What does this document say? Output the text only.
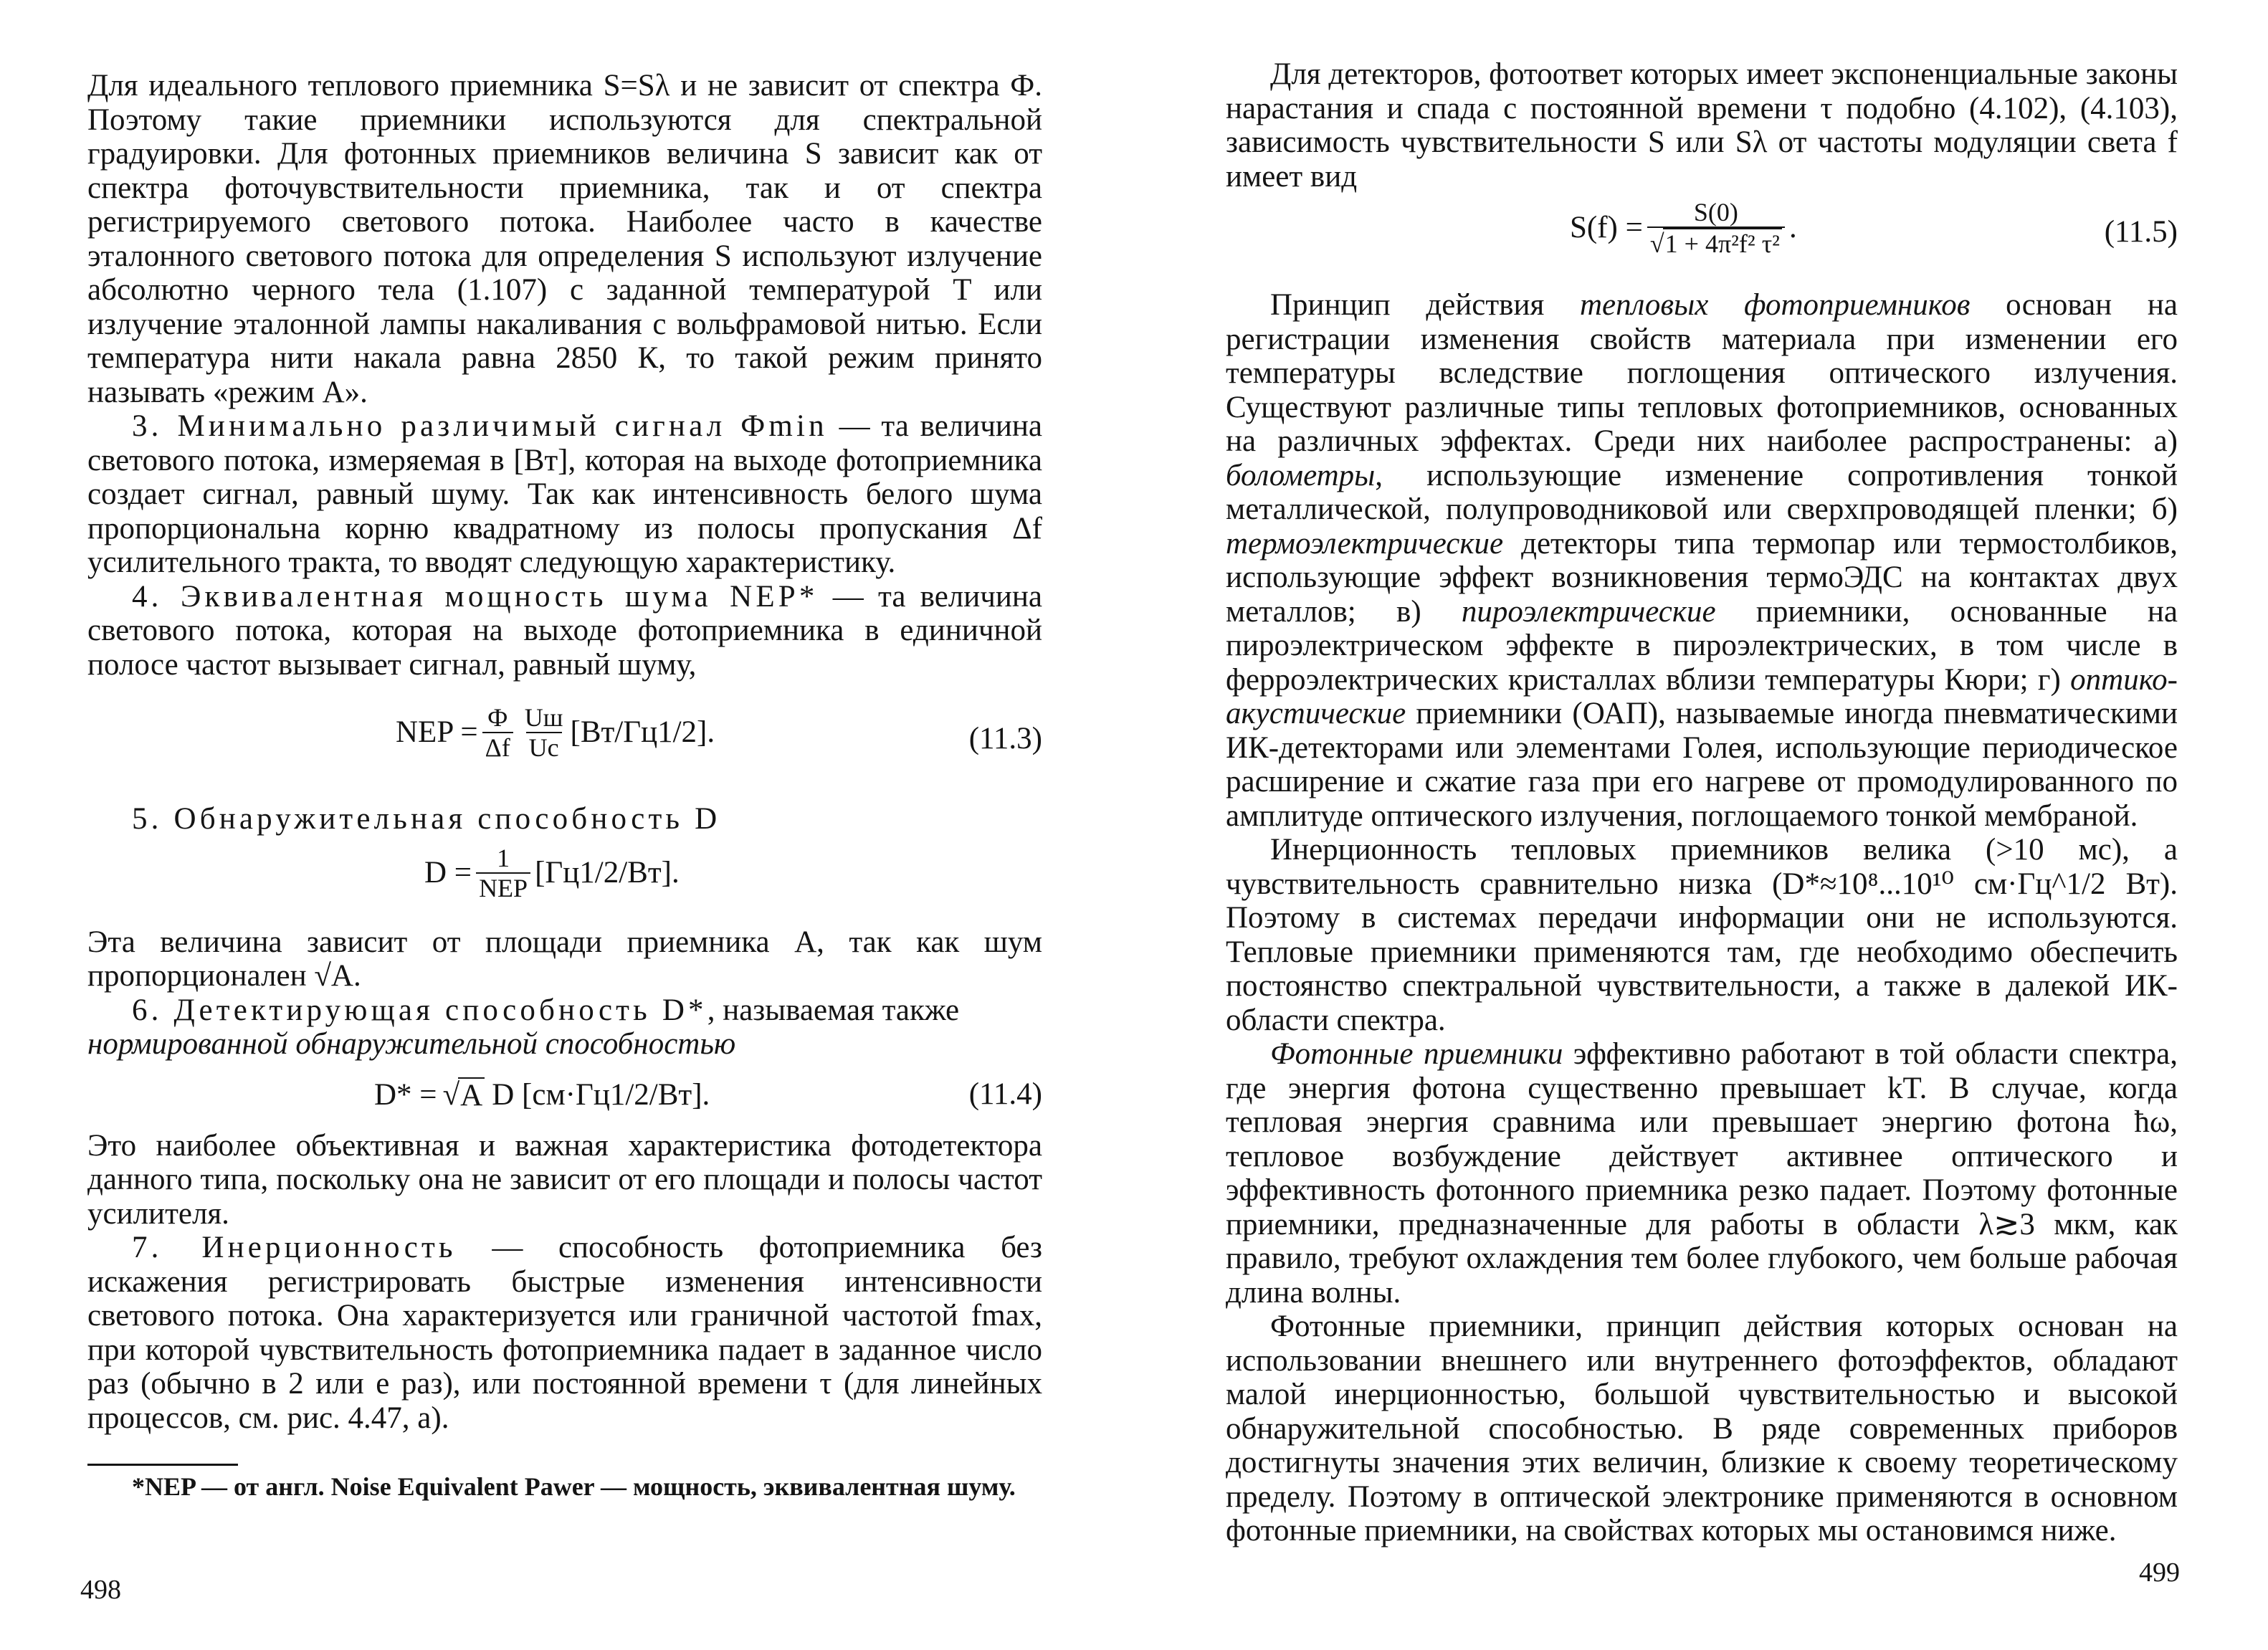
Для идеального теплового приемника S=Sλ и не зависит от спектра Ф. Поэтому такие приемники используются для спектральной градуировки. Для фотонных приемников величина S зависит как от спектра фоточувствительности приемника, так и от спектра регистрируемого светового потока. Наиболее часто в качестве эталонного светового потока для определения S используют излучение абсолютно черного тела (1.107) с заданной температурой T или излучение эталонной лампы накаливания с вольфрамовой нитью. Если температура нити накала равна 2850 К, то такой режим принято называть «режим А».

3. Минимально различимый сигнал Фmin — та величина светового потока, измеряемая в [Вт], которая на выходе фотоприемника создает сигнал, равный шуму. Так как интенсивность белого шума пропорциональна корню квадратному из полосы пропускания Δf усилительного тракта, то вводят следующую характеристику.

4. Эквивалентная мощность шума NEP* — та величина светового потока, которая на выходе фотоприемника в единичной полосе частот вызывает сигнал, равный шуму,

NEP = $\frac{Ф}{\Delta f} \frac{Uш}{Uc} [Вт/Гц1/2]$.	(11.3)

5. Обнаружительная способность D

$D = \frac{1}{\text{NEP}} [Гц1/2/Вт]$.

Эта величина зависит от площади приемника A, так как шум пропорционален √A.

6. Детектирующая способность D*, называемая также

нормированной обнаружительной способностью

D* = √ A D [см·Гц1/2/Вт].	(11.4)

Это наиболее объективная и важная характеристика фотодетектора данного типа, поскольку она не зависит от его площади и полосы частот усилителя.

7. Инерционность — способность фотоприемника без искажения регистрировать быстрые изменения интенсивности светового потока. Она характеризуется или граничной частотой fmax, при которой чувствительность фотоприемника падает в заданное число раз (обычно в 2 или e раз), или постоянной времени τ (для линейных процессов, см. рис. 4.47, а).

*NEP — от англ. Noise Equivalent Pawer — мощность, эквивалентная шуму.

498

Для детекторов, фотоответ которых имеет экспоненциальные законы нарастания и спада с постоянной времени τ подобно (4.102), (4.103), зависимость чувствительности S или Sλ от частоты модуляции света f имеет вид

$S(f) = \frac{S(0)}{\text{√1 + 4π²f² τ²}}$ .	(11.5)

Принцип действия тепловых фотоприемников основан на регистрации изменения свойств материала при изменении его температуры вследствие поглощения оптического излучения. Существуют различные типы тепловых фотоприемников, основанных на различных эффектах. Среди них наиболее распространены: а) болометры, использующие изменение сопротивления тонкой металлической, полупроводниковой или сверхпроводящей пленки; б) термоэлектрические детекторы типа термопар или термостолбиков, использующие эффект возникновения термоЭДС на контактах двух металлов; в) пироэлектрические приемники, основанные на пироэлектрическом эффекте в пироэлектрических, в том числе в ферроэлектрических кристаллах вблизи температуры Кюри; г) оптико-акустические приемники (ОАП), называемые иногда пневматическими ИК-детекторами или элементами Голея, использующие периодическое расширение и сжатие газа при его нагреве от промодулированного по амплитуде оптического излучения, поглощаемого тонкой мембраной.

Инерционность тепловых приемников велика (>10 мс), а чувствительность сравнительно низка (D*≈10⁸...10¹⁰ см·Гц^1/2 Вт). Поэтому в системах передачи информации они не используются. Тепловые приемники применяются там, где необходимо обеспечить постоянство спектральной чувствительности, а также в далекой ИК-области спектра.

Фотонные приемники эффективно работают в той области спектра, где энергия фотона существенно превышает kT. В случае, когда тепловая энергия сравнима или превышает энергию фотона ħω, тепловое возбуждение действует активнее оптического и эффективность фотонного приемника резко падает. Поэтому фотонные приемники, предназначенные для работы в области λ≳3 мкм, как правило, требуют охлаждения тем более глубокого, чем больше рабочая длина волны.

Фотонные приемники, принцип действия которых основан на использовании внешнего или внутреннего фотоэффектов, обладают малой инерционностью, большой чувствительностью и высокой обнаружительной способностью. В ряде современных приборов достигнуты значения этих величин, близкие к своему теоретическому пределу. Поэтому в оптической электронике применяются в основном фотонные приемники, на свойствах которых мы остановимся ниже.

499
